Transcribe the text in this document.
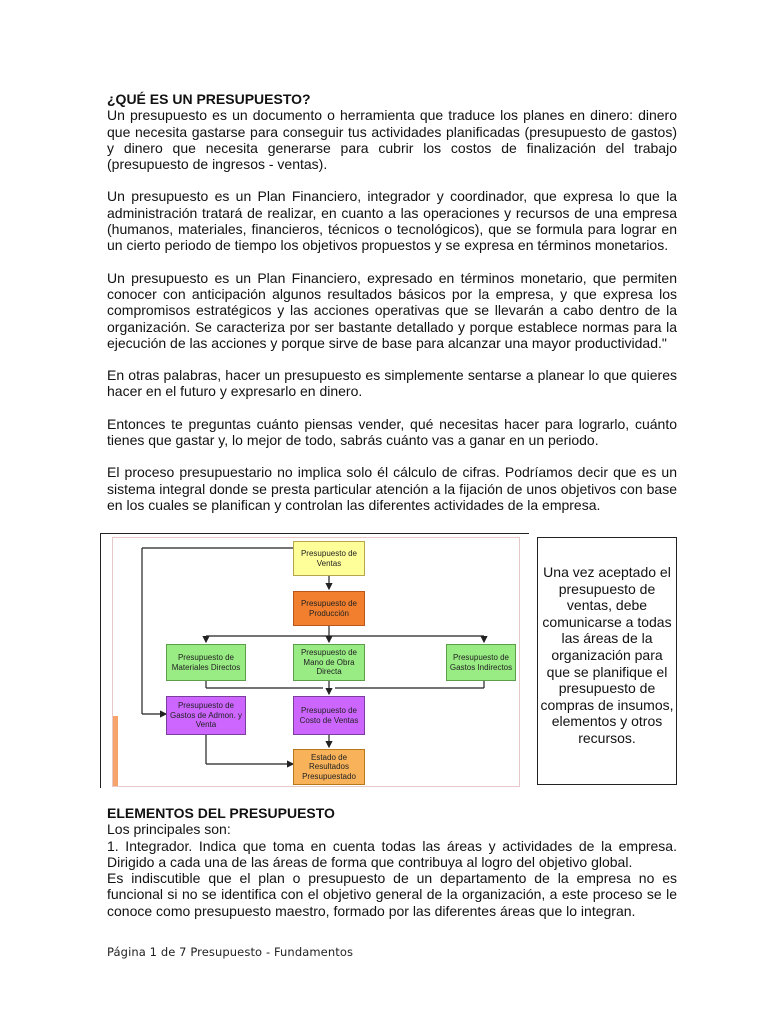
¿QUÉ ES UN PRESUPUESTO?

Un presupuesto es un documento o herramienta que traduce los planes en dinero: dinero que necesita gastarse para conseguir tus actividades planificadas (presupuesto de gastos) y dinero que necesita generarse para cubrir los costos de finalización del trabajo (presupuesto de ingresos - ventas).

Un presupuesto es un Plan Financiero, integrador y coordinador, que expresa lo que la administración tratará de realizar, en cuanto a las operaciones y recursos de una empresa (humanos, materiales, financieros, técnicos o tecnológicos), que se formula para lograr en un cierto periodo de tiempo los objetivos propuestos y se expresa en términos monetarios.

Un presupuesto es un Plan Financiero, expresado en términos monetario, que permiten conocer con anticipación algunos resultados básicos por la empresa, y que expresa los compromisos estratégicos y las acciones operativas que se llevarán a cabo dentro de la organización. Se caracteriza por ser bastante detallado y porque establece normas para la ejecución de las acciones y porque sirve de base para alcanzar una mayor productividad."

En otras palabras, hacer un presupuesto es simplemente sentarse a planear lo que quieres hacer en el futuro y expresarlo en dinero.

Entonces te preguntas cuánto piensas vender, qué necesitas hacer para lograrlo, cuánto tienes que gastar y, lo mejor de todo, sabrás cuánto vas a ganar en un periodo.

El proceso presupuestario no implica solo él cálculo de cifras. Podríamos decir que es un sistema integral donde se presta particular atención a la fijación de unos objetivos con base en los cuales se planifican y controlan las diferentes actividades de la empresa.

Presupuesto de Ventas
Presupuesto de Producción
Presupuesto de Materiales Directos
Presupuesto de Mano de Obra Directa
Presupuesto de Gastos Indirectos
Presupuesto de Gastos de Admon. y Venta
Presupuesto de Costo de Ventas
Estado de Resultados Presupuestado
Una vez aceptado el presupuesto de ventas, debe comunicarse a todas las áreas de la organización para que se planifique el presupuesto de compras de insumos, elementos y otros recursos.

ELEMENTOS DEL PRESUPUESTO

Los principales son:

1. Integrador. Indica que toma en cuenta todas las áreas y actividades de la empresa. Dirigido a cada una de las áreas de forma que contribuya al logro del objetivo global.

Es indiscutible que el plan o presupuesto de un departamento de la empresa no es funcional si no se identifica con el objetivo general de la organización, a este proceso se le conoce como presupuesto maestro, formado por las diferentes áreas que lo integran.

Página 1 de 7 Presupuesto - Fundamentos
